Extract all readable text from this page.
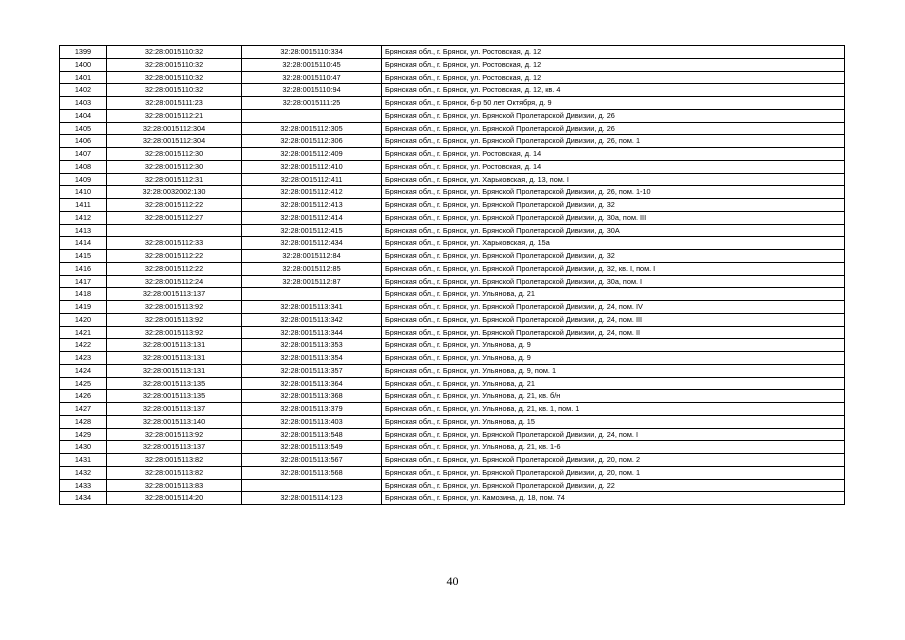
1399	32:28:0015110:32	32:28:0015110:334	Брянская обл., г. Брянск, ул. Ростовская, д. 12
1400	32:28:0015110:32	32:28:0015110:45	Брянская обл., г. Брянск, ул. Ростовская, д. 12
1401	32:28:0015110:32	32:28:0015110:47	Брянская обл., г. Брянск, ул. Ростовская, д. 12
1402	32:28:0015110:32	32:28:0015110:94	Брянская обл., г. Брянск, ул. Ростовская, д. 12, кв. 4
1403	32:28:0015111:23	32:28:0015111:25	Брянская обл., г. Брянск, б-р 50 лет Октября, д. 9
1404	32:28:0015112:21		Брянская обл., г. Брянск, ул. Брянской Пролетарской Дивизии, д. 26
1405	32:28:0015112:304	32:28:0015112:305	Брянская обл., г. Брянск, ул. Брянской Пролетарской Дивизии, д. 26
1406	32:28:0015112:304	32:28:0015112:306	Брянская обл., г. Брянск, ул. Брянской Пролетарской Дивизии, д. 26, пом. 1
1407	32:28:0015112:30	32:28:0015112:409	Брянская обл., г. Брянск, ул. Ростовская, д. 14
1408	32:28:0015112:30	32:28:0015112:410	Брянская обл., г. Брянск, ул. Ростовская, д. 14
1409	32:28:0015112:31	32:28:0015112:411	Брянская обл., г. Брянск, ул. Харьковская, д. 13, пом. I
1410	32:28:0032002:130	32:28:0015112:412	Брянская обл., г. Брянск, ул. Брянской Пролетарской Дивизии, д. 26, пом. 1-10
1411	32:28:0015112:22	32:28:0015112:413	Брянская обл., г. Брянск, ул. Брянской Пролетарской Дивизии, д. 32
1412	32:28:0015112:27	32:28:0015112:414	Брянская обл., г. Брянск, ул. Брянской Пролетарской Дивизии, д. 30а, пом. III
1413		32:28:0015112:415	Брянская обл., г. Брянск, ул. Брянской Пролетарской Дивизии, д. 30А
1414	32:28:0015112:33	32:28:0015112:434	Брянская обл., г. Брянск, ул. Харьковская, д. 15а
1415	32:28:0015112:22	32:28:0015112:84	Брянская обл., г. Брянск, ул. Брянской Пролетарской Дивизии, д. 32
1416	32:28:0015112:22	32:28:0015112:85	Брянская обл., г. Брянск, ул. Брянской Пролетарской Дивизии, д. 32, кв. I, пом. I
1417	32:28:0015112:24	32:28:0015112:87	Брянская обл., г. Брянск, ул. Брянской Пролетарской Дивизии, д. 30а, пом. I
1418	32:28:0015113:137		Брянская обл., г. Брянск, ул. Ульянова, д. 21
1419	32:28:0015113:92	32:28:0015113:341	Брянская обл., г. Брянск, ул. Брянской Пролетарской Дивизии, д. 24, пом. IV
1420	32:28:0015113:92	32:28:0015113:342	Брянская обл., г. Брянск, ул. Брянской Пролетарской Дивизии, д. 24, пом. III
1421	32:28:0015113:92	32:28:0015113:344	Брянская обл., г. Брянск, ул. Брянской Пролетарской Дивизии, д. 24, пом. II
1422	32:28:0015113:131	32:28:0015113:353	Брянская обл., г. Брянск, ул. Ульянова, д. 9
1423	32:28:0015113:131	32:28:0015113:354	Брянская обл., г. Брянск, ул. Ульянова, д. 9
1424	32:28:0015113:131	32:28:0015113:357	Брянская обл., г. Брянск, ул. Ульянова, д. 9, пом. 1
1425	32:28:0015113:135	32:28:0015113:364	Брянская обл., г. Брянск, ул. Ульянова, д. 21
1426	32:28:0015113:135	32:28:0015113:368	Брянская обл., г. Брянск, ул. Ульянова, д. 21, кв. б/н
1427	32:28:0015113:137	32:28:0015113:379	Брянская обл., г. Брянск, ул. Ульянова, д. 21, кв. 1, пом. 1
1428	32:28:0015113:140	32:28:0015113:403	Брянская обл., г. Брянск, ул. Ульянова, д. 15
1429	32:28:0015113:92	32:28:0015113:548	Брянская обл., г. Брянск, ул. Брянской Пролетарской Дивизии, д. 24, пом. I
1430	32:28:0015113:137	32:28:0015113:549	Брянская обл., г. Брянск, ул. Ульянова, д. 21, кв. 1-6
1431	32:28:0015113:82	32:28:0015113:567	Брянская обл., г. Брянск, ул. Брянской Пролетарской Дивизии, д. 20, пом. 2
1432	32:28:0015113:82	32:28:0015113:568	Брянская обл., г. Брянск, ул. Брянской Пролетарской Дивизии, д. 20, пом. 1
1433	32:28:0015113:83		Брянская обл., г. Брянск, ул. Брянской Пролетарской Дивизии, д. 22
1434	32:28:0015114:20	32:28:0015114:123	Брянская обл., г. Брянск, ул. Камозина, д. 18, пом. 74
40
